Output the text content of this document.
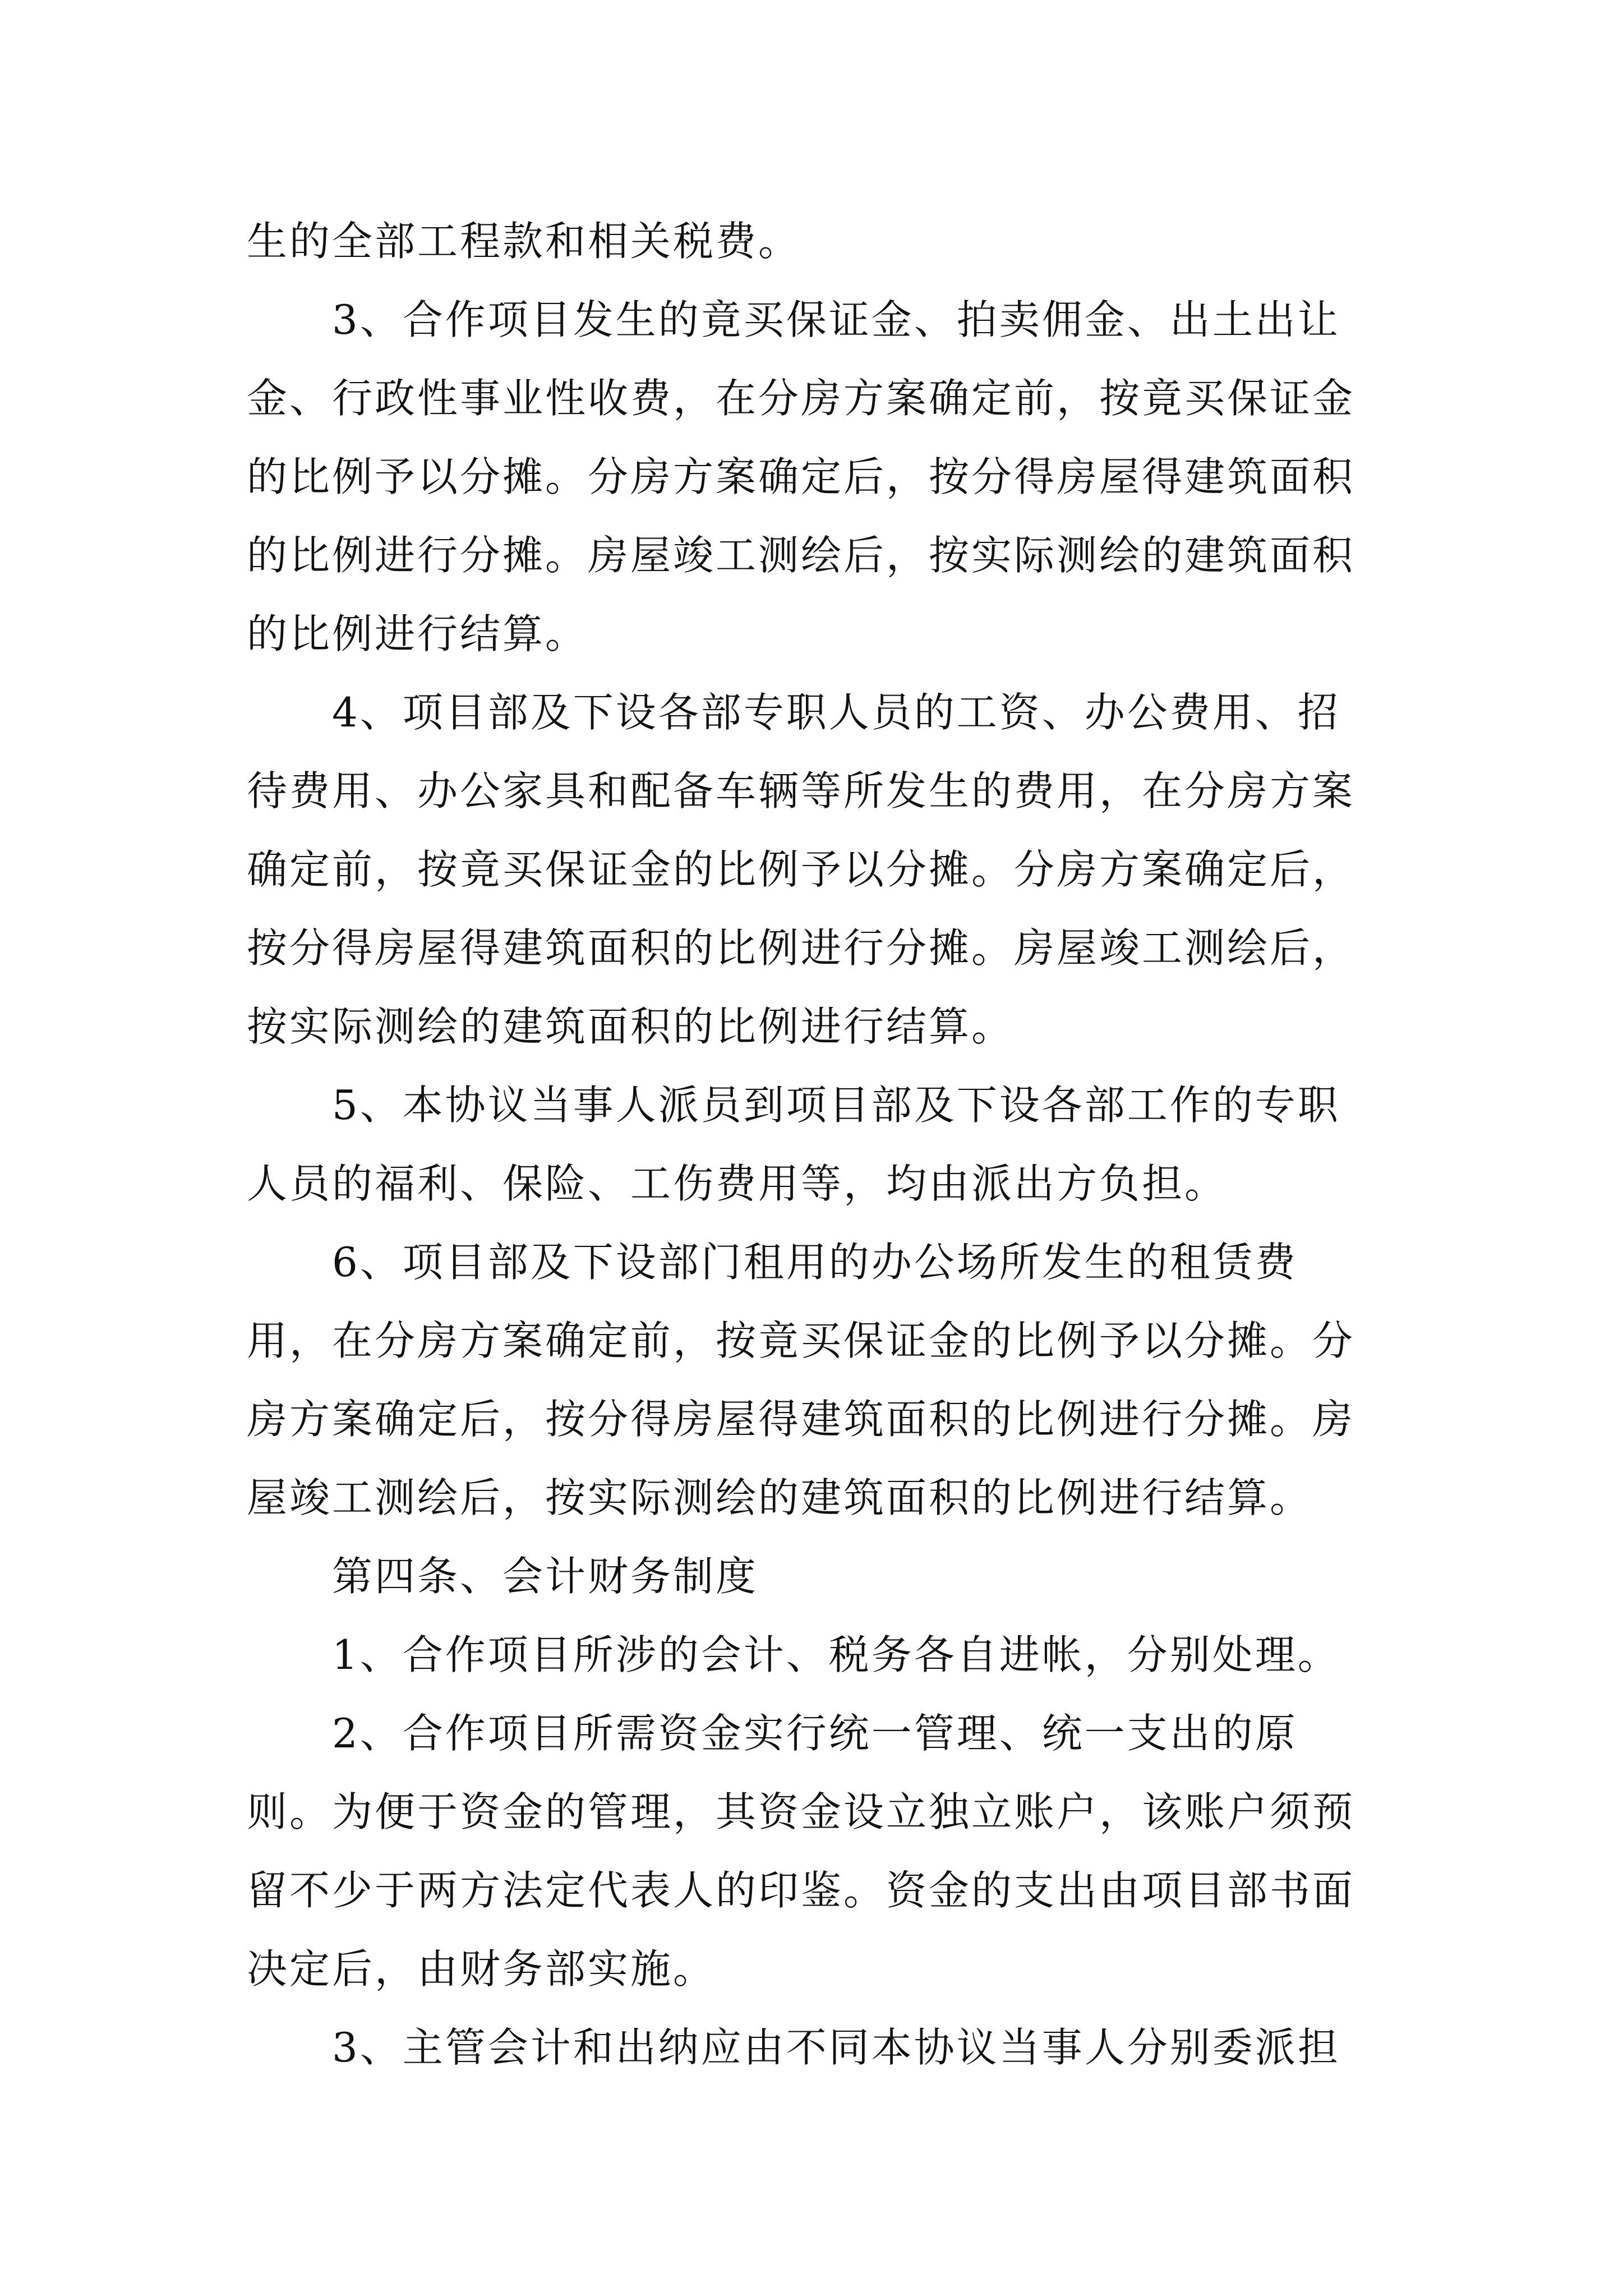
生的全部工程款和相关税费。

3、合作项目发生的竟买保证金、拍卖佣金、出土出让金、行政性事业性收费，在分房方案确定前，按竟买保证金的比例予以分摊。分房方案确定后，按分得房屋得建筑面积的比例进行分摊。房屋竣工测绘后，按实际测绘的建筑面积的比例进行结算。

4、项目部及下设各部专职人员的工资、办公费用、招待费用、办公家具和配备车辆等所发生的费用，在分房方案确定前，按竟买保证金的比例予以分摊。分房方案确定后，按分得房屋得建筑面积的比例进行分摊。房屋竣工测绘后，按实际测绘的建筑面积的比例进行结算。

5、本协议当事人派员到项目部及下设各部工作的专职人员的福利、保险、工伤费用等，均由派出方负担。

6、项目部及下设部门租用的办公场所发生的租赁费用，在分房方案确定前，按竟买保证金的比例予以分摊。分房方案确定后，按分得房屋得建筑面积的比例进行分摊。房屋竣工测绘后，按实际测绘的建筑面积的比例进行结算。

第四条、会计财务制度

1、合作项目所涉的会计、税务各自进帐，分别处理。

2、合作项目所需资金实行统一管理、统一支出的原则。为便于资金的管理，其资金设立独立账户，该账户须预留不少于两方法定代表人的印鉴。资金的支出由项目部书面决定后，由财务部实施。

3、主管会计和出纳应由不同本协议当事人分别委派担
